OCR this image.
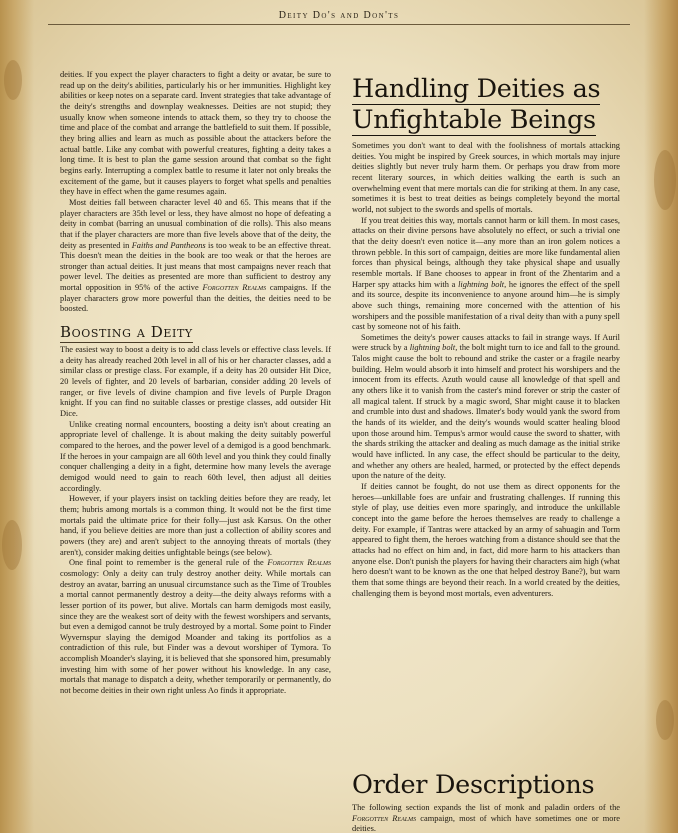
Deity Do's and Don'ts

deities. If you expect the player characters to fight a deity or avatar, be sure to read up on the deity's abilities, particularly his or her immunities. Highlight key abilities or keep notes on a separate card. Invent strategies that take advantage of the deity's strengths and downplay weaknesses. Deities are not stupid; they usually know when someone intends to attack them, so they try to choose the time and place of the combat and arrange the battlefield to suit them. If possible, they bring allies and learn as much as possible about the attackers before the actual battle. Like any combat with powerful creatures, fighting a deity takes a long time. It is best to plan the game session around that combat so the fight begins early. Interrupting a complex battle to resume it later not only breaks the excitement of the game, but it causes players to forget what spells and penalties they have in effect when the game resumes again.

Most deities fall between character level 40 and 65. This means that if the player characters are 35th level or less, they have almost no hope of defeating a deity in combat (barring an unusual combination of die rolls). This also means that if the player characters are more than five levels above that of the deity, the deity as presented in Faiths and Pantheons is too weak to be an effective threat. This doesn't mean the deities in the book are too weak or that the heroes are stronger than actual deities. It just means that most campaigns never reach that power level. The deities as presented are more than sufficient to destroy any mortal opposition in 95% of the active Forgotten Realms campaigns. If the player characters grow more powerful than the deities, the deities need to be boosted.

Boosting a Deity

The easiest way to boost a deity is to add class levels or effective class levels. If a deity has already reached 20th level in all of his or her character classes, add a similar class or prestige class. For example, if a deity has 20 outsider Hit Dice, 20 levels of fighter, and 20 levels of barbarian, consider adding 20 levels of ranger, or five levels of divine champion and five levels of Purple Dragon knight. If you can find no suitable classes or prestige classes, add outsider Hit Dice.

Unlike creating normal encounters, boosting a deity isn't about creating an appropriate level of challenge. It is about making the deity suitably powerful compared to the heroes, and the power level of a demigod is a good benchmark. If the heroes in your campaign are all 60th level and you think they could finally conquer challenging a deity in a fight, determine how many levels the average demigod would need to gain to reach 60th level, then adjust all deities accordingly.

However, if your players insist on tackling deities before they are ready, let them; hubris among mortals is a common thing. It would not be the first time mortals paid the ultimate price for their folly—just ask Karsus. On the other hand, if you believe deities are more than just a collection of ability scores and powers (they are) and aren't subject to the annoying threats of mortals (they aren't), consider making deities unfightable beings (see below).

One final point to remember is the general rule of the Forgotten Realms cosmology: Only a deity can truly destroy another deity. While mortals can destroy an avatar, barring an unusual circumstance such as the Time of Troubles a mortal cannot permanently destroy a deity—the deity always reforms with a lesser portion of its power, but alive. Mortals can harm demigods most easily, since they are the weakest sort of deity with the fewest worshipers and servants, but even a demigod cannot be truly destroyed by a mortal. Some point to Finder Wyvernspur slaying the demigod Moander and taking its portfolios as a contradiction of this rule, but Finder was a devout worshiper of Tymora. To accomplish Moander's slaying, it is believed that she sponsored him, presumably investing him with some of her power without his knowledge. In any case, mortals that manage to dispatch a deity, whether temporarily or permanently, do not become deities in their own right unless Ao finds it appropriate.

Handling Deities as
Unfightable Beings

Sometimes you don't want to deal with the foolishness of mortals attacking deities. You might be inspired by Greek sources, in which mortals may injure deities slightly but never truly harm them. Or perhaps you draw from more recent literary sources, in which deities walking the earth is such an overwhelming event that mere mortals can die for striking at them. In any case, sometimes it is best to treat deities as beings completely beyond the mortal world, not subject to the swords and spells of mortals.

If you treat deities this way, mortals cannot harm or kill them. In most cases, attacks on their divine persons have absolutely no effect, or such a trivial one that the deity doesn't even notice it—any more than an iron golem notices a thrown pebble. In this sort of campaign, deities are more like fundamental alien forces than physical beings, although they take physical shape and usually resemble mortals. If Bane chooses to appear in front of the Zhentarim and a Harper spy attacks him with a lightning bolt, he ignores the effect of the spell and its source, despite its inconvenience to anyone around him—he is simply above such things, remaining more concerned with the attention of his worshipers and the possible manifestation of a rival deity than with a puny spell cast by someone not of his faith.

Sometimes the deity's power causes attacks to fail in strange ways. If Auril were struck by a lightning bolt, the bolt might turn to ice and fall to the ground. Talos might cause the bolt to rebound and strike the caster or a fragile nearby building. Helm would absorb it into himself and protect his worshipers and the innocent from its effects. Azuth would cause all knowledge of that spell and any others like it to vanish from the caster's mind forever or strip the caster of all magical talent. If struck by a magic sword, Shar might cause it to blacken and crumble into dust and shadows. Ilmater's body would yank the sword from the hands of its wielder, and the deity's wounds would scatter healing blood upon those around him. Tempus's armor would cause the sword to shatter, with the shards striking the attacker and dealing as much damage as the initial strike would have inflicted. In any case, the effect should be particular to the deity, and whether any others are healed, harmed, or protected by the effect depends upon the nature of the deity.

If deities cannot be fought, do not use them as direct opponents for the heroes—unkillable foes are unfair and frustrating challenges. If running this style of play, use deities even more sparingly, and introduce the unkillable concept into the game before the heroes themselves are ready to challenge a deity. For example, if Tantras were attacked by an army of sahuagin and Torm appeared to fight them, the heroes watching from a distance should see that the attacks had no effect on him and, in fact, did more harm to his attackers than anyone else. Don't punish the players for having their characters aim high (what hero doesn't want to be known as the one that helped destroy Bane?), but warn them that some things are beyond their reach. In a world created by the deities, challenging them is beyond most mortals, even adventurers.

Order Descriptions

The following section expands the list of monk and paladin orders of the Forgotten Realms campaign, most of which have sometimes one or more deities.
